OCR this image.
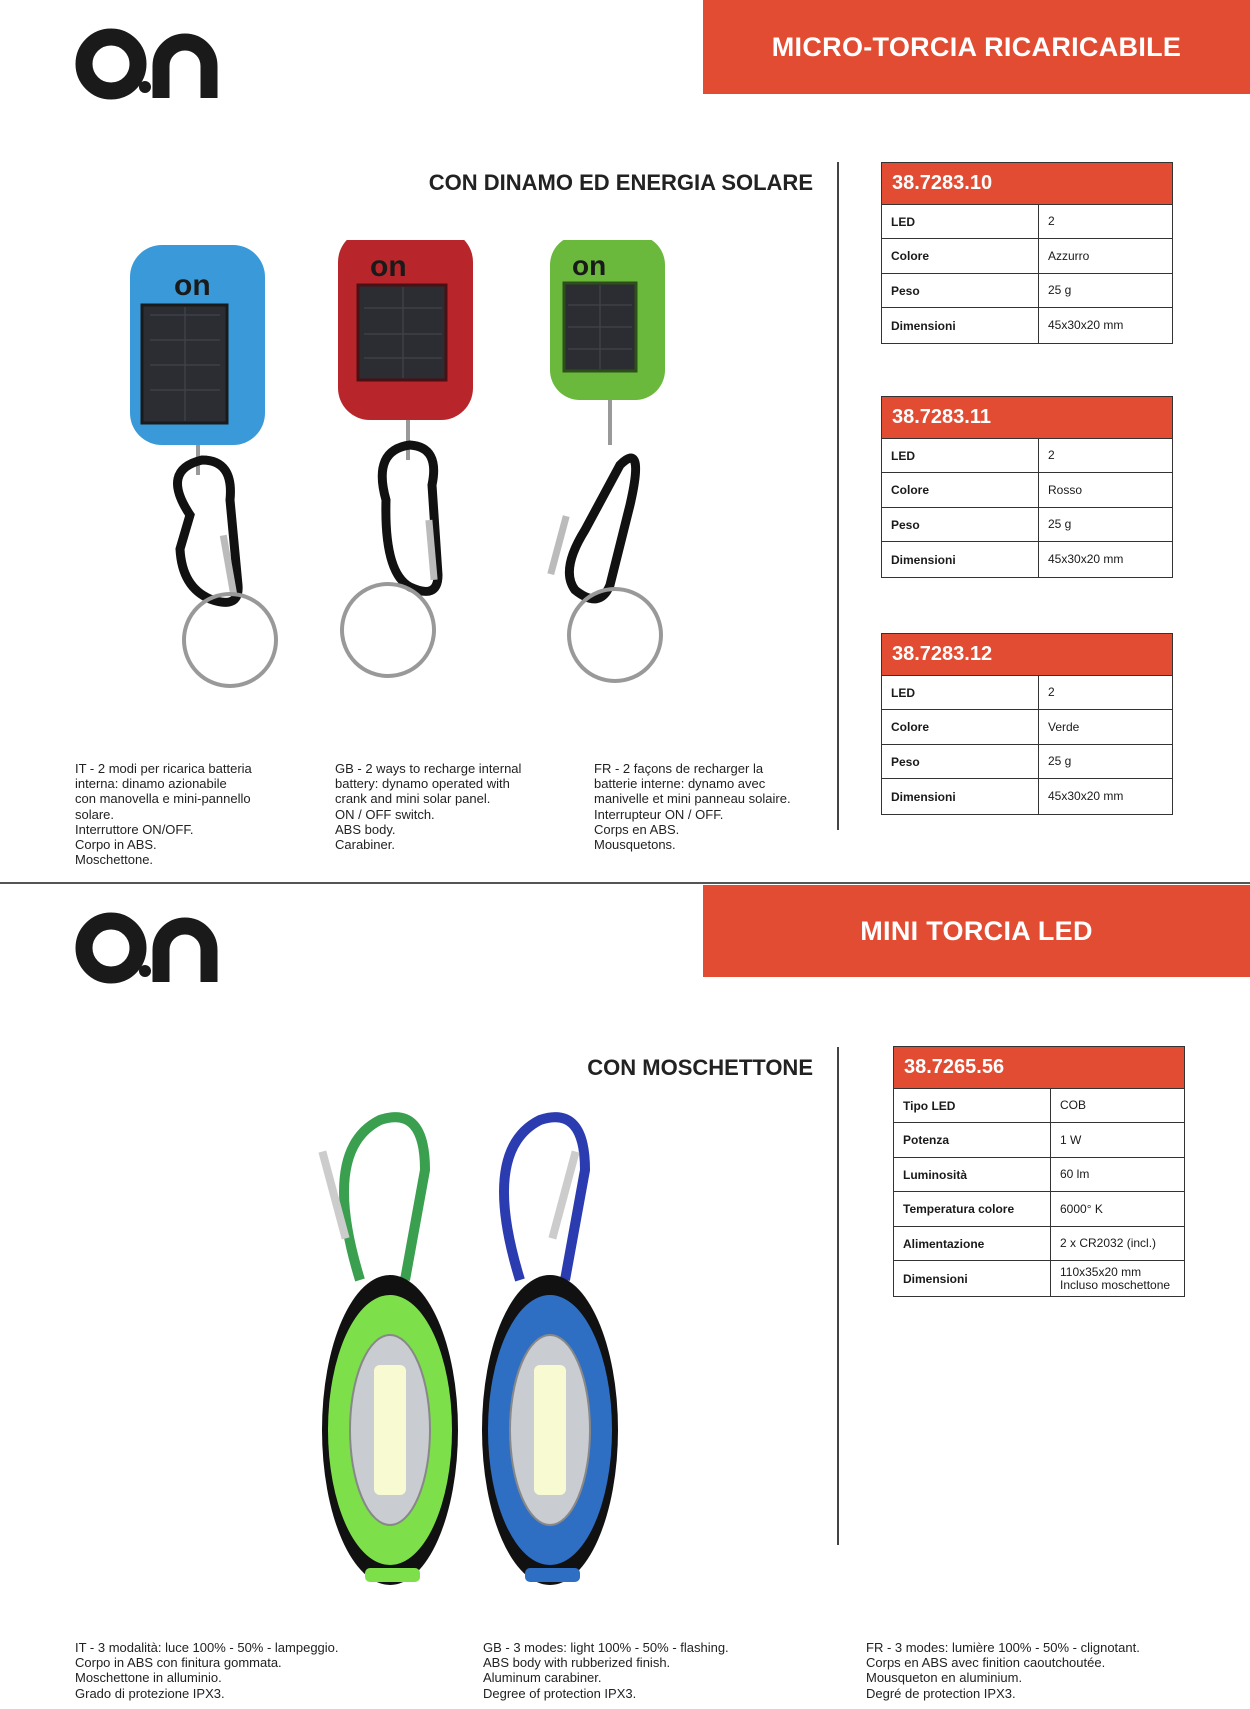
MICRO-TORCIA RICARICABILE
CON DINAMO ED ENERGIA SOLARE
on
on	on
38.7283.10
LED	2
Colore	Azzurro
Peso	25 g
Dimensioni	45x30x20 mm
38.7283.11
LED	2
Colore	Rosso
Peso	25 g
Dimensioni	45x30x20 mm
38.7283.12
LED	2
Colore	Verde
Peso	25 g
Dimensioni	45x30x20 mm
IT - 2 modi per ricarica batteria
interna: dinamo azionabile
con manovella e mini-pannello
solare.
Interruttore ON/OFF.
Corpo in ABS.
Moschettone.
GB - 2 ways to recharge internal
battery: dynamo operated with
crank and mini solar panel.
ON / OFF switch.
ABS body.
Carabiner.
FR - 2 façons de recharger la
batterie interne: dynamo avec
manivelle et mini panneau solaire.
Interrupteur ON / OFF.
Corps en ABS.
Mousquetons.
MINI TORCIA LED
CON MOSCHETTONE	38.7265.56
Tipo LED	COB
Potenza	1 W
Luminosità	60 lm
Temperatura colore	6000° K
Alimentazione	2 x CR2032 (incl.)
Dimensioni	110x35x20 mm
Incluso moschettone
IT - 3 modalità: luce 100% - 50% - lampeggio.
Corpo in ABS con finitura gommata.
Moschettone in alluminio.
Grado di protezione IPX3.
GB - 3 modes: light 100% - 50% - flashing.
ABS body with rubberized finish.
Aluminum carabiner.
Degree of protection IPX3.
FR - 3 modes: lumière 100% - 50% - clignotant.
Corps en ABS avec finition caoutchoutée.
Mousqueton en aluminium.
Degré de protection IPX3.
